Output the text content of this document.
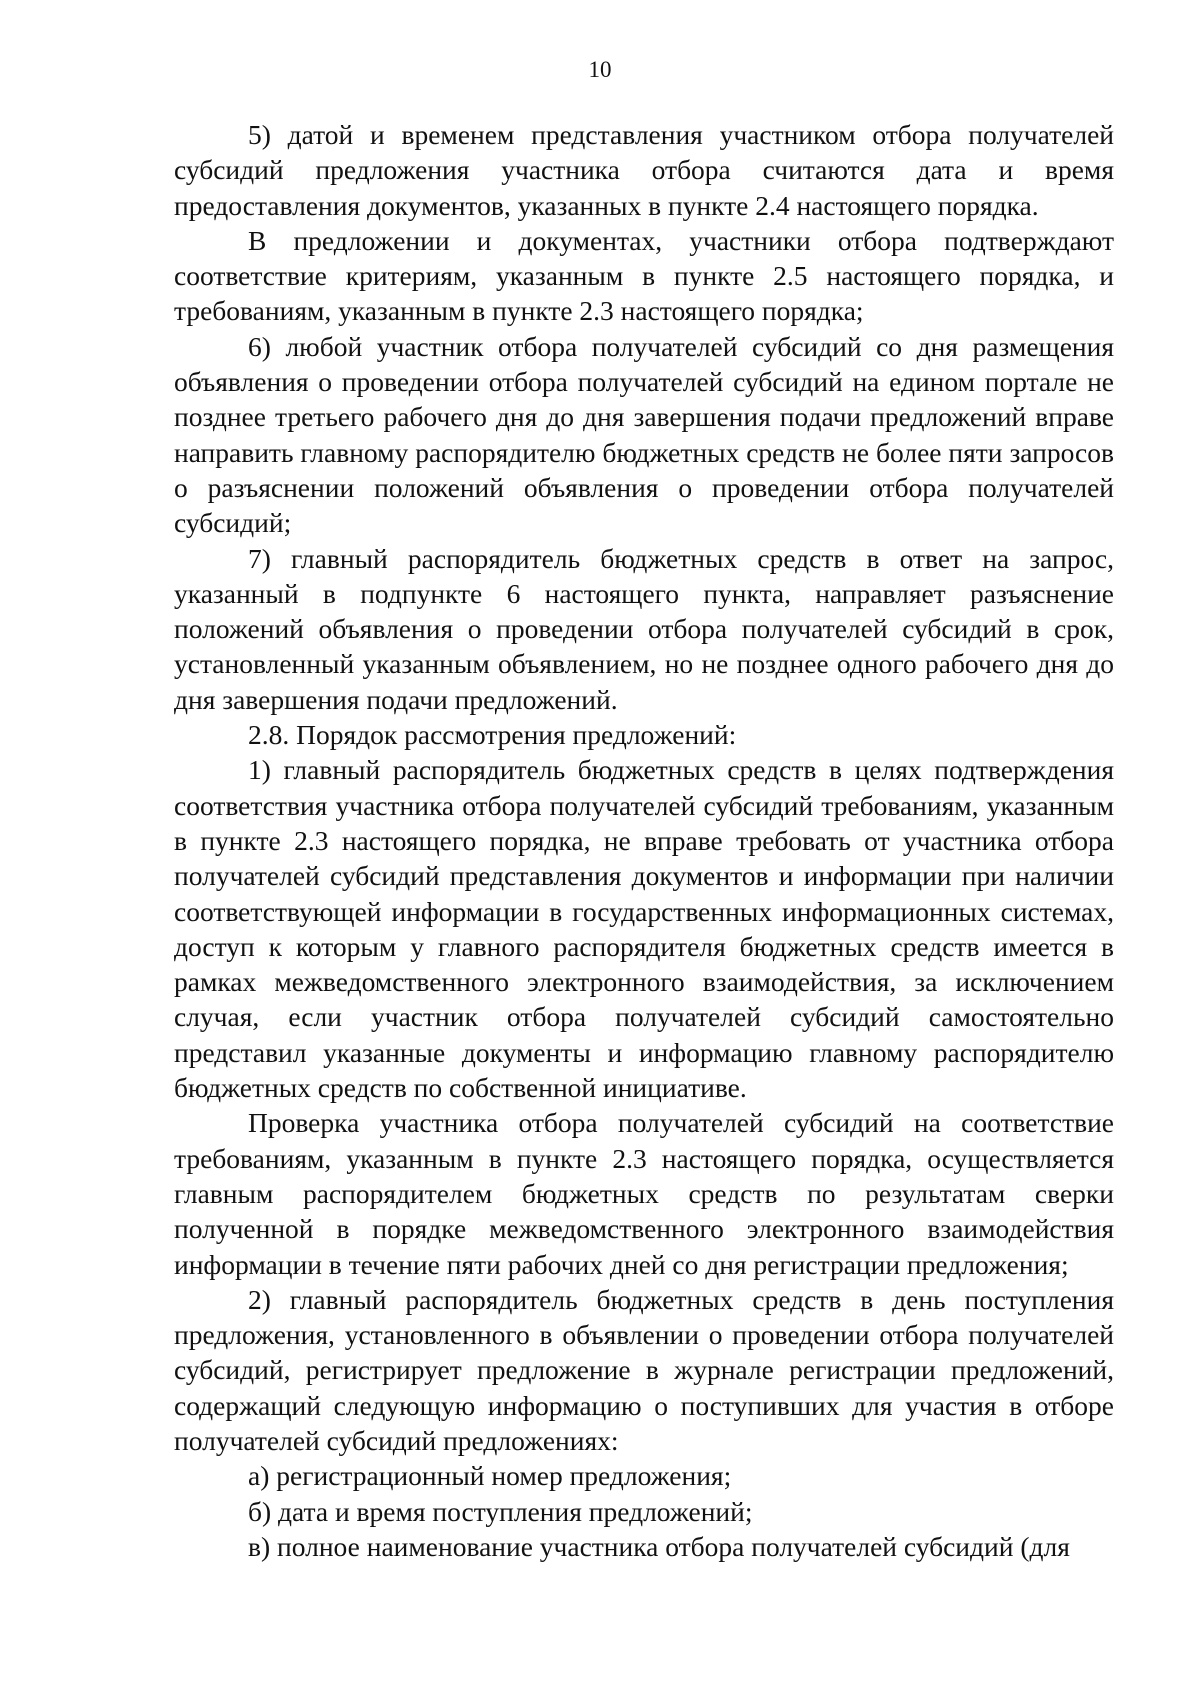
10

5) датой и временем представления участником отбора получателей субсидий предложения участника отбора считаются дата и время предоставления документов, указанных в пункте 2.4 настоящего порядка.

В предложении и документах, участники отбора подтверждают соответствие критериям, указанным в пункте 2.5 настоящего порядка, и требованиям, указанным в пункте 2.3 настоящего порядка;

6) любой участник отбора получателей субсидий со дня размещения объявления о проведении отбора получателей субсидий на едином портале не позднее третьего рабочего дня до дня завершения подачи предложений вправе направить главному распорядителю бюджетных средств не более пяти запросов о разъяснении положений объявления о проведении отбора получателей субсидий;

7) главный распорядитель бюджетных средств в ответ на запрос, указанный в подпункте 6 настоящего пункта, направляет разъяснение положений объявления о проведении отбора получателей субсидий в срок, установленный указанным объявлением, но не позднее одного рабочего дня до дня завершения подачи предложений.

2.8. Порядок рассмотрения предложений:

1) главный распорядитель бюджетных средств в целях подтверждения соответствия участника отбора получателей субсидий требованиям, указанным в пункте 2.3 настоящего порядка, не вправе требовать от участника отбора получателей субсидий представления документов и информации при наличии соответствующей информации в государственных информационных системах, доступ к которым у главного распорядителя бюджетных средств имеется в рамках межведомственного электронного взаимодействия, за исключением случая, если участник отбора получателей субсидий самостоятельно представил указанные документы и информацию главному распорядителю бюджетных средств по собственной инициативе.

Проверка участника отбора получателей субсидий на соответствие требованиям, указанным в пункте 2.3 настоящего порядка, осуществляется главным распорядителем бюджетных средств по результатам сверки полученной в порядке межведомственного электронного взаимодействия информации в течение пяти рабочих дней со дня регистрации предложения;

2) главный распорядитель бюджетных средств в день поступления предложения, установленного в объявлении о проведении отбора получателей субсидий, регистрирует предложение в журнале регистрации предложений, содержащий следующую информацию о поступивших для участия в отборе получателей субсидий предложениях:

а) регистрационный номер предложения;

б) дата и время поступления предложений;

в) полное наименование участника отбора получателей субсидий (для
